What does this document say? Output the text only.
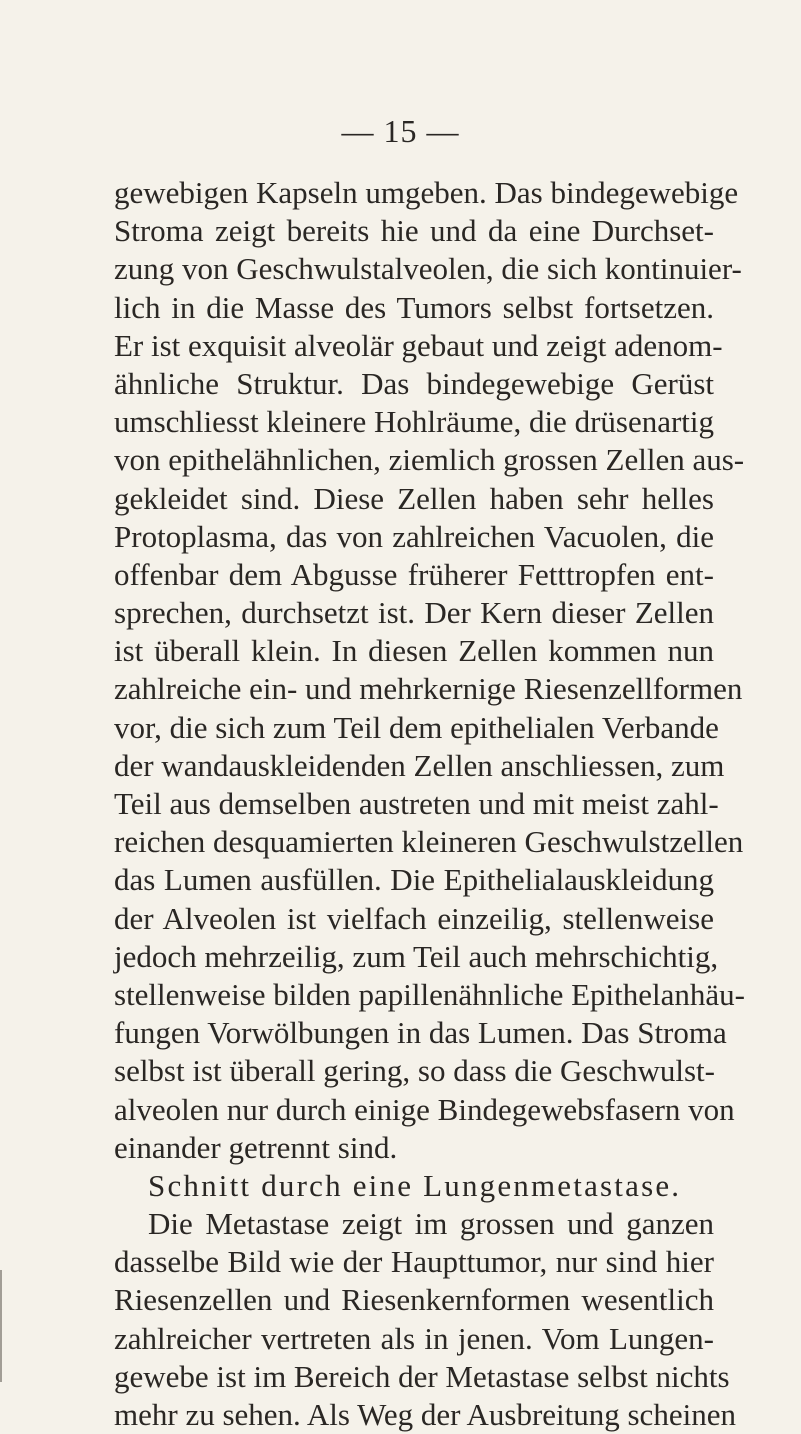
— 15 —
gewebigen Kapseln umgeben. Das bindegewebige
Stroma zeigt bereits hie und da eine Durchset-
zung von Geschwulstalveolen, die sich kontinuier-
lich in die Masse des Tumors selbst fortsetzen.
Er ist exquisit alveolär gebaut und zeigt adenom-
ähnliche Struktur. Das bindegewebige Gerüst
umschliesst kleinere Hohlräume, die drüsenartig
von epithelähnlichen, ziemlich grossen Zellen aus-
gekleidet sind. Diese Zellen haben sehr helles
Protoplasma, das von zahlreichen Vacuolen, die
offenbar dem Abgusse früherer Fetttropfen ent-
sprechen, durchsetzt ist. Der Kern dieser Zellen
ist überall klein. In diesen Zellen kommen nun
zahlreiche ein- und mehrkernige Riesenzellformen
vor, die sich zum Teil dem epithelialen Verbande
der wandauskleidenden Zellen anschliessen, zum
Teil aus demselben austreten und mit meist zahl-
reichen desquamierten kleineren Geschwulstzellen
das Lumen ausfüllen. Die Epithelialauskleidung
der Alveolen ist vielfach einzeilig, stellenweise
jedoch mehrzeilig, zum Teil auch mehrschichtig,
stellenweise bilden papillenähnliche Epithelanhäu-
fungen Vorwölbungen in das Lumen. Das Stroma
selbst ist überall gering, so dass die Geschwulst-
alveolen nur durch einige Bindegewebsfasern von
einander getrennt sind.
Schnitt durch eine Lungenmetastase.
Die Metastase zeigt im grossen und ganzen
dasselbe Bild wie der Haupttumor, nur sind hier
Riesenzellen und Riesenkernformen wesentlich
zahlreicher vertreten als in jenen. Vom Lungen-
gewebe ist im Bereich der Metastase selbst nichts
mehr zu sehen. Als Weg der Ausbreitung scheinen
